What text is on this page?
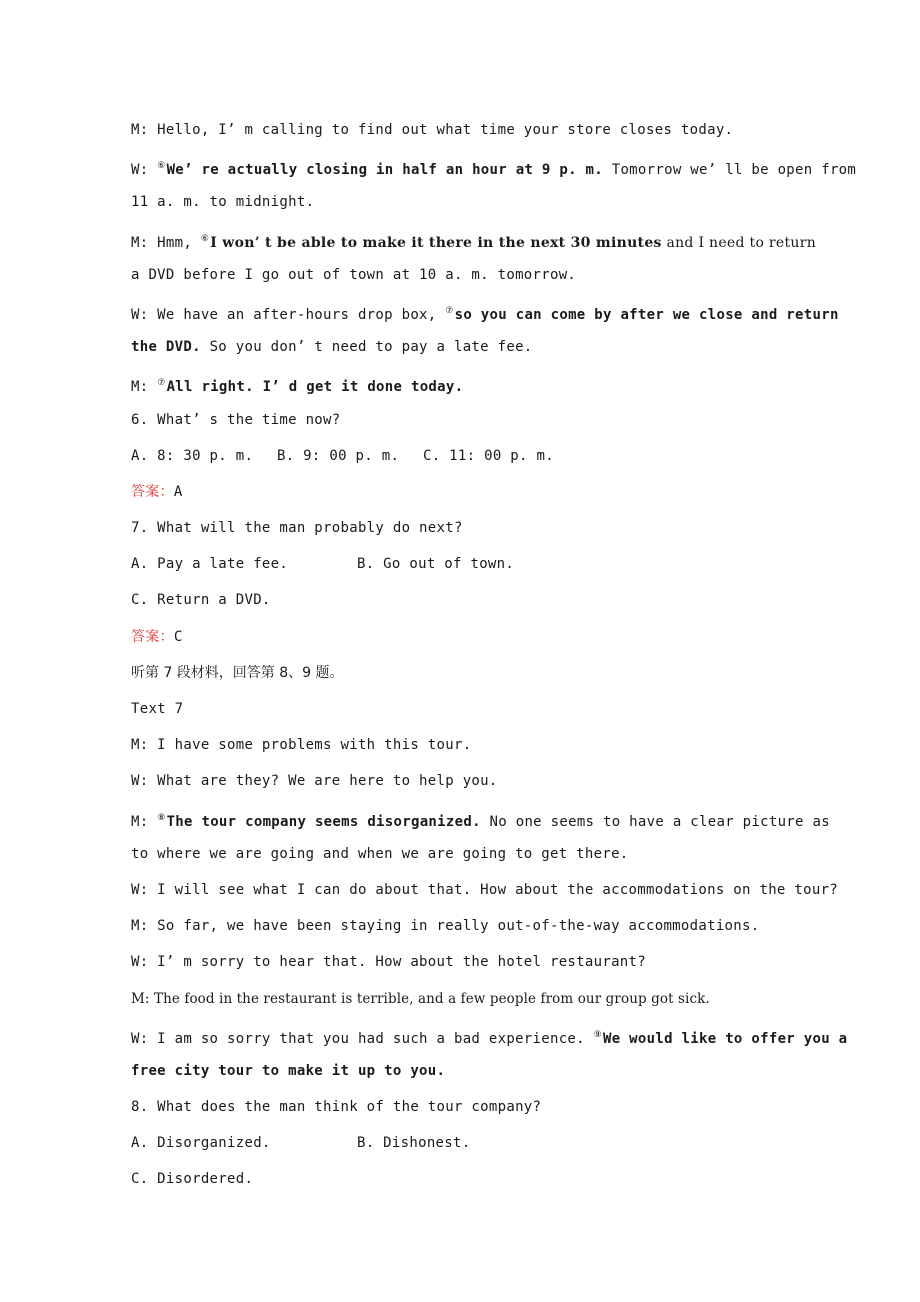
M: Hello, I’ m calling to find out what time your store closes today.
W: ⑥We’ re actually closing in half an hour at 9 p. m. Tomorrow we’ ll be open from
11 a. m. to midnight.
M: Hmm, ⑥I won’ t be able to make it there in the next 30 minutes and I need to return
a DVD before I go out of town at 10 a. m. tomorrow.
W: We have an after-hours drop box, ⑦so you can come by after we close and return
the DVD. So you don’ t need to pay a late fee.
M: ⑦All right. I’ d get it done today.
6. What’ s the time now?
A. 8: 30 p. m. B. 9: 00 p. m. C. 11: 00 p. m.
答案：A
7. What will the man probably do next?
A. Pay a late fee.	B. Go out of town.
C. Return a DVD.
答案：C
听第 7 段材料，回答第 8、9 题。
Text 7
M: I have some problems with this tour.
W: What are they? We are here to help you.
M: ⑧The tour company seems disorganized. No one seems to have a clear picture as
to where we are going and when we are going to get there.
W: I will see what I can do about that. How about the accommodations on the tour?
M: So far, we have been staying in really out-of-the-way accommodations.
W: I’ m sorry to hear that. How about the hotel restaurant?
M: The food in the restaurant is terrible, and a few people from our group got sick.
W: I am so sorry that you had such a bad experience. ⑨We would like to offer you a
free city tour to make it up to you.
8. What does the man think of the tour company?
A. Disorganized.	B. Dishonest.
C. Disordered.
